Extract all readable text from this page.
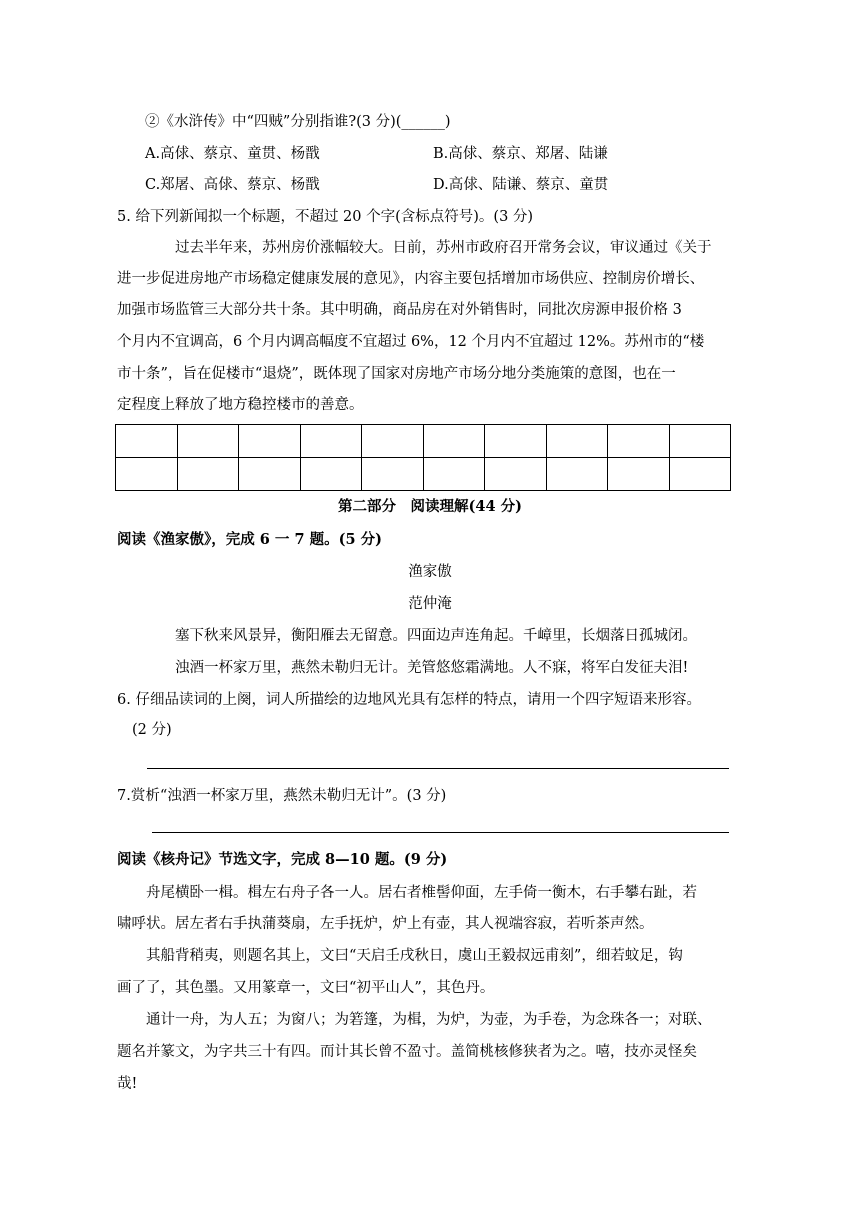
②《水浒传》中“四贼”分别指谁?(3 分)(______)
A.高俅、蔡京、童贯、杨戬	B.高俅、蔡京、郑屠、陆谦
C.郑屠、高俅、蔡京、杨戬	D.高俅、陆谦、蔡京、童贯
5. 给下列新闻拟一个标题，不超过 20 个字(含标点符号)。(3 分)
过去半年来，苏州房价涨幅较大。日前，苏州市政府召开常务会议，审议通过《关于
进一步促进房地产市场稳定健康发展的意见》，内容主要包括增加市场供应、控制房价增长、
加强市场监管三大部分共十条。其中明确，商品房在对外销售时，同批次房源申报价格 3
个月内不宜调高，6 个月内调高幅度不宜超过 6%，12 个月内不宜超过 12%。苏州市的“楼
市十条”，旨在促楼市“退烧”，既体现了国家对房地产市场分地分类施策的意图，也在一
定程度上释放了地方稳控楼市的善意。

第二部分　阅读理解(44 分)
阅读《渔家傲》，完成 6 一 7 题。(5 分)
渔家傲
范仲淹
塞下秋来风景异，衡阳雁去无留意。四面边声连角起。千嶂里，长烟落日孤城闭。
浊酒一杯家万里，燕然未勒归无计。羌管悠悠霜满地。人不寐，将军白发征夫泪!
6. 仔细品读词的上阕，词人所描绘的边地风光具有怎样的特点，请用一个四字短语来形容。
(2 分)
7.赏析“浊酒一杯家万里，燕然未勒归无计”。(3 分)
阅读《核舟记》节选文字，完成 8—10 题。(9 分)
舟尾横卧一楫。楫左右舟子各一人。居右者椎髻仰面，左手倚一衡木，右手攀右趾，若
啸呼状。居左者右手执蒲葵扇，左手抚炉，炉上有壶，其人视端容寂，若听茶声然。
其船背稍夷，则题名其上，文曰“天启壬戌秋日，虞山王毅叔远甫刻”，细若蚊足，钩
画了了，其色墨。又用篆章一，文曰“初平山人”，其色丹。
通计一舟，为人五；为窗八；为箬篷，为楫，为炉，为壶，为手卷，为念珠各一；对联、
题名并篆文，为字共三十有四。而计其长曾不盈寸。盖简桃核修狭者为之。嘻，技亦灵怪矣
哉!
